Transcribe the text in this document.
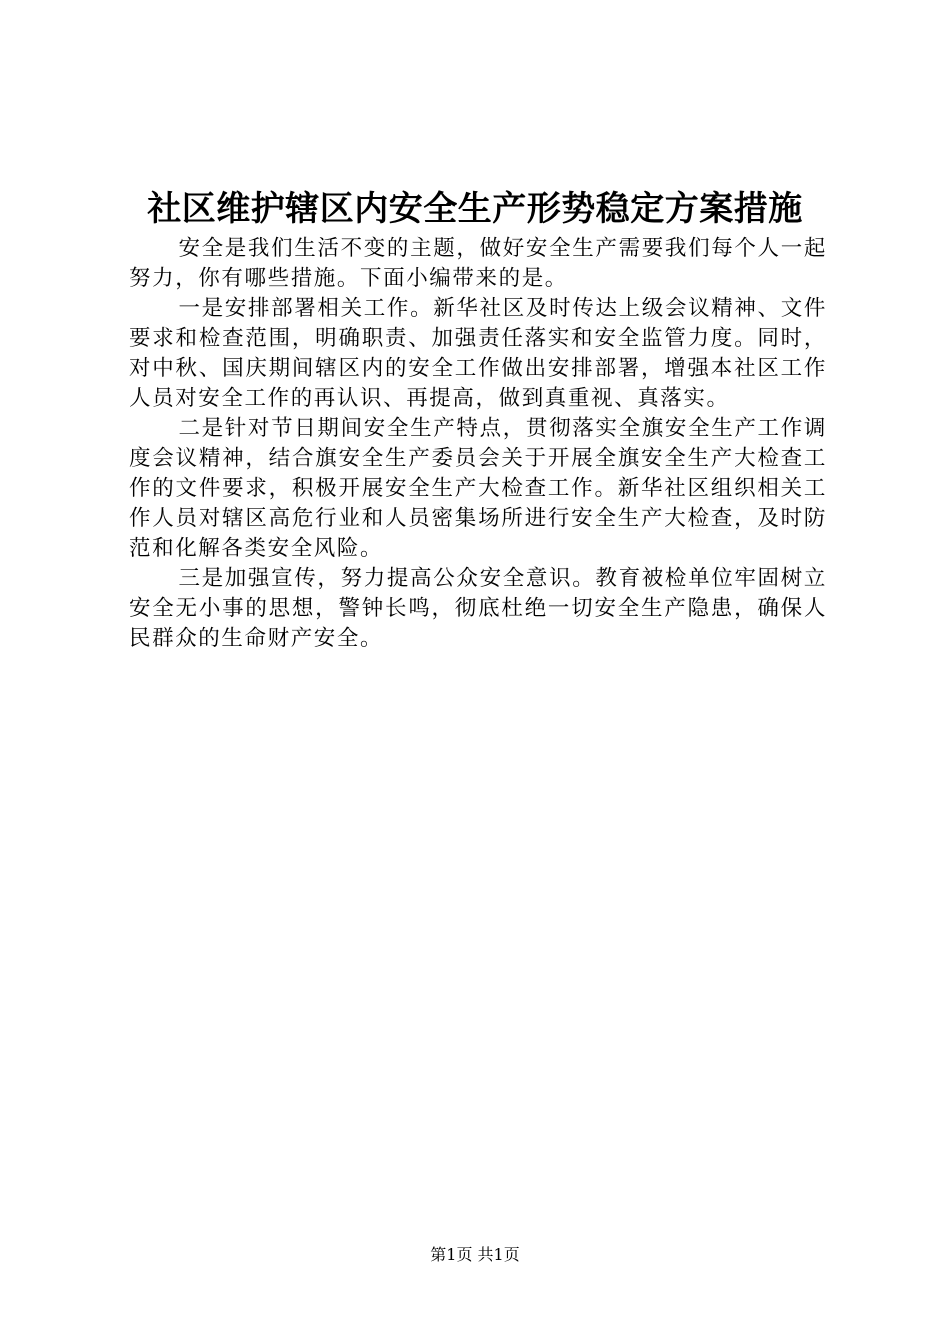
社区维护辖区内安全生产形势稳定方案措施

安全是我们生活不变的主题，做好安全生产需要我们每个人一起努力，你有哪些措施。下面小编带来的是。

一是安排部署相关工作。新华社区及时传达上级会议精神、文件要求和检查范围，明确职责、加强责任落实和安全监管力度。同时，对中秋、国庆期间辖区内的安全工作做出安排部署，增强本社区工作人员对安全工作的再认识、再提高，做到真重视、真落实。

二是针对节日期间安全生产特点，贯彻落实全旗安全生产工作调度会议精神，结合旗安全生产委员会关于开展全旗安全生产大检查工作的文件要求，积极开展安全生产大检查工作。新华社区组织相关工作人员对辖区高危行业和人员密集场所进行安全生产大检查，及时防范和化解各类安全风险。

三是加强宣传，努力提高公众安全意识。教育被检单位牢固树立安全无小事的思想，警钟长鸣，彻底杜绝一切安全生产隐患，确保人民群众的生命财产安全。

第1页 共1页
